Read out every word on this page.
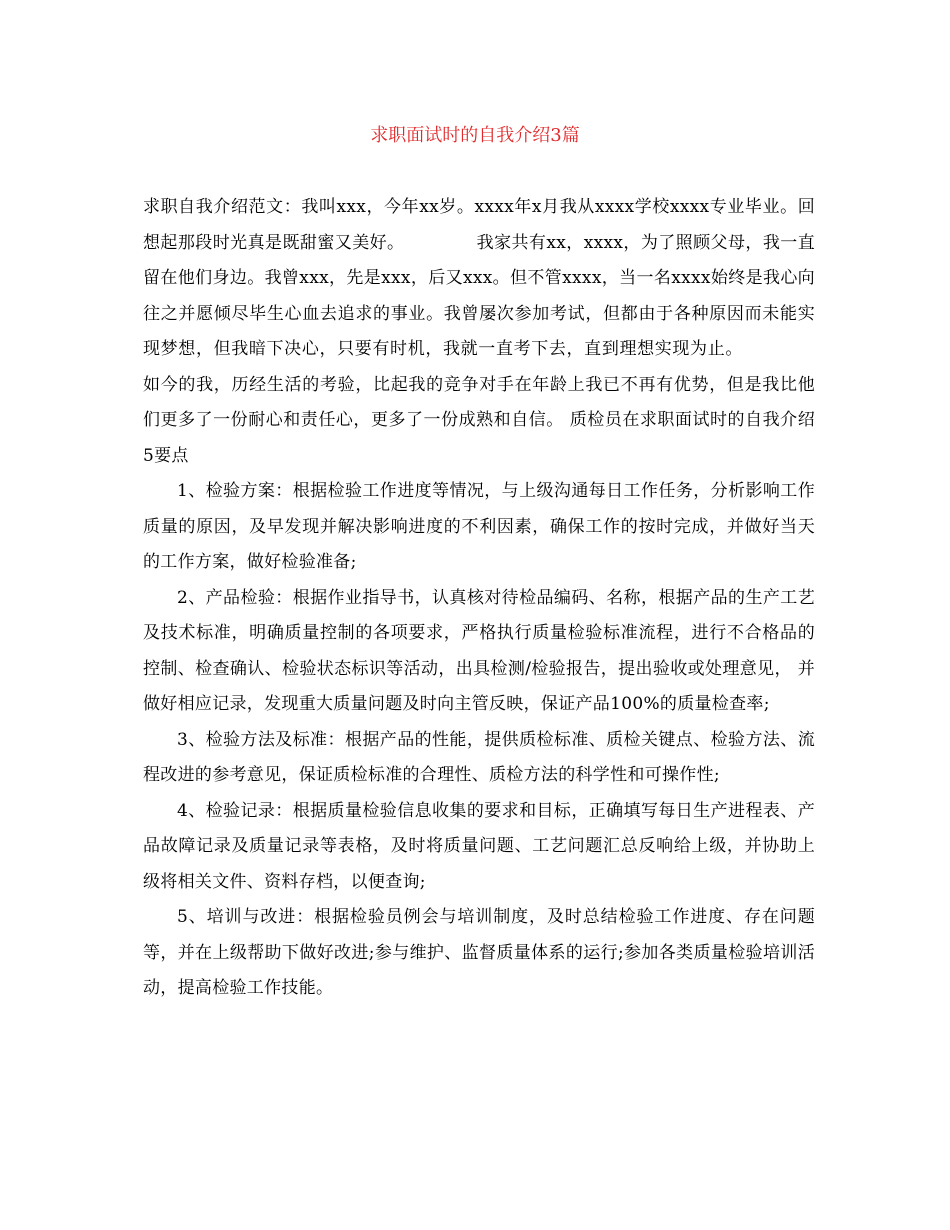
求职面试时的自我介绍3篇

求职自我介绍范文：我叫xxx，今年xx岁。xxxx年x月我从xxxx学校xxxx专业毕业。回想起那段时光真是既甜蜜又美好。	我家共有xx，xxxx，为了照顾父母，我一直留在他们身边。我曾xxx，先是xxx，后又xxx。但不管xxxx，当一名xxxx始终是我心向往之并愿倾尽毕生心血去追求的事业。我曾屡次参加考试，但都由于各种原因而未能实现梦想，但我暗下决心，只要有时机，我就一直考下去，直到理想实现为止。如今的我，历经生活的考验，比起我的竞争对手在年龄上我已不再有优势，但是我比他们更多了一份耐心和责任心，更多了一份成熟和自信。 质检员在求职面试时的自我介绍5要点

1、检验方案：根据检验工作进度等情况，与上级沟通每日工作任务，分析影响工作质量的原因，及早发现并解决影响进度的不利因素，确保工作的按时完成，并做好当天的工作方案，做好检验准备;

2、产品检验：根据作业指导书，认真核对待检品编码、名称，根据产品的生产工艺及技术标准，明确质量控制的各项要求，严格执行质量检验标准流程，进行不合格品的控制、检查确认、检验状态标识等活动，出具检测/检验报告，提出验收或处理意见， 并做好相应记录，发现重大质量问题及时向主管反映，保证产品100%的质量检查率;

3、检验方法及标准：根据产品的性能，提供质检标准、质检关键点、检验方法、流程改进的参考意见，保证质检标准的合理性、质检方法的科学性和可操作性;

4、检验记录：根据质量检验信息收集的要求和目标，正确填写每日生产进程表、产品故障记录及质量记录等表格，及时将质量问题、工艺问题汇总反响给上级，并协助上级将相关文件、资料存档，以便查询;

5、培训与改进：根据检验员例会与培训制度，及时总结检验工作进度、存在问题等，并在上级帮助下做好改进;参与维护、监督质量体系的运行;参加各类质量检验培训活动，提高检验工作技能。
